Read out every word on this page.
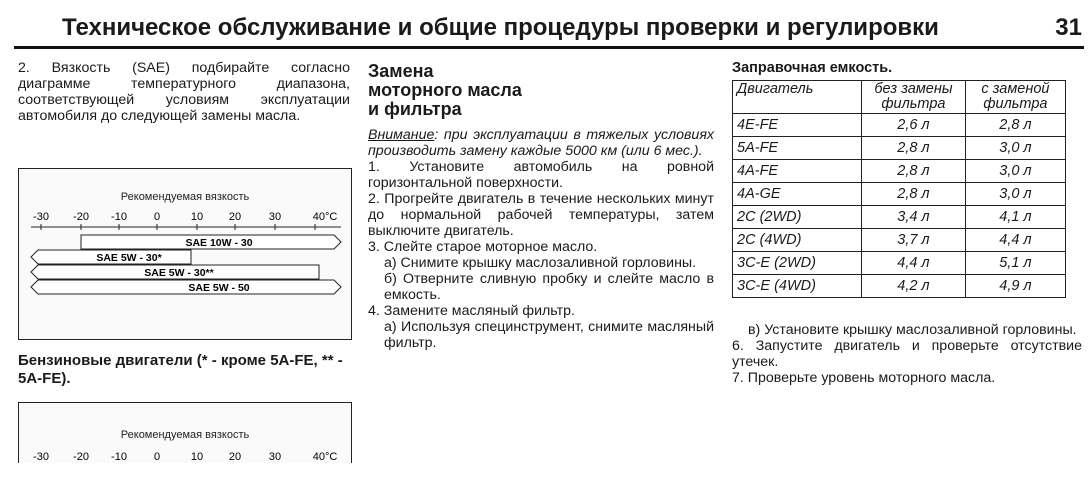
Техническое обслуживание и общие процедуры проверки и регулировки	31

2. Вязкость (SAE) подбирайте согласно диаграмме температурного диапазона, соответствующей условиям эксплуатации автомобиля до следующей замены масла.

Рекомендуемая вязкость
-30 -20 -10 0	10 20	30	40°C
SAE 10W - 30
SAE 5W - 30*
SAE 5W - 30**
SAE 5W - 50
Бензиновые двигатели (* - кроме 5A-FE, ** - 5A-FE).
Рекомендуемая вязкость
-30 -20 -10 0	10 20	30	40°C
Замена
моторного масла
и фильтра

Внимание: при эксплуатации в тяжелых условиях производить замену каждые 5000 км (или 6 мес.).

1. Установите автомобиль на ровной горизонтальной поверхности.

2. Прогрейте двигатель в течение нескольких минут до нормальной рабочей температуры, затем выключите двигатель.

3. Слейте старое моторное масло.

а) Снимите крышку маслозаливной горловины.

б) Отверните сливную пробку и слейте масло в емкость.

4. Замените масляный фильтр.

а) Используя специнструмент, снимите масляный фильтр.

Заправочная емкость.

Двигатель	без замены фильтра	с заменой фильтра
4E-FE	2,6 л	2,8 л
5A-FE	2,8 л	3,0 л
4A-FE	2,8 л	3,0 л
4A-GE	2,8 л	3,0 л
2C (2WD)	3,4 л	4,1 л
2C (4WD)	3,7 л	4,4 л
3C-E (2WD)	4,4 л	5,1 л
3C-E (4WD)	4,2 л	4,9 л

в) Установите крышку маслозаливной горловины.

6. Запустите двигатель и проверьте отсутствие утечек.

7. Проверьте уровень моторного масла.
